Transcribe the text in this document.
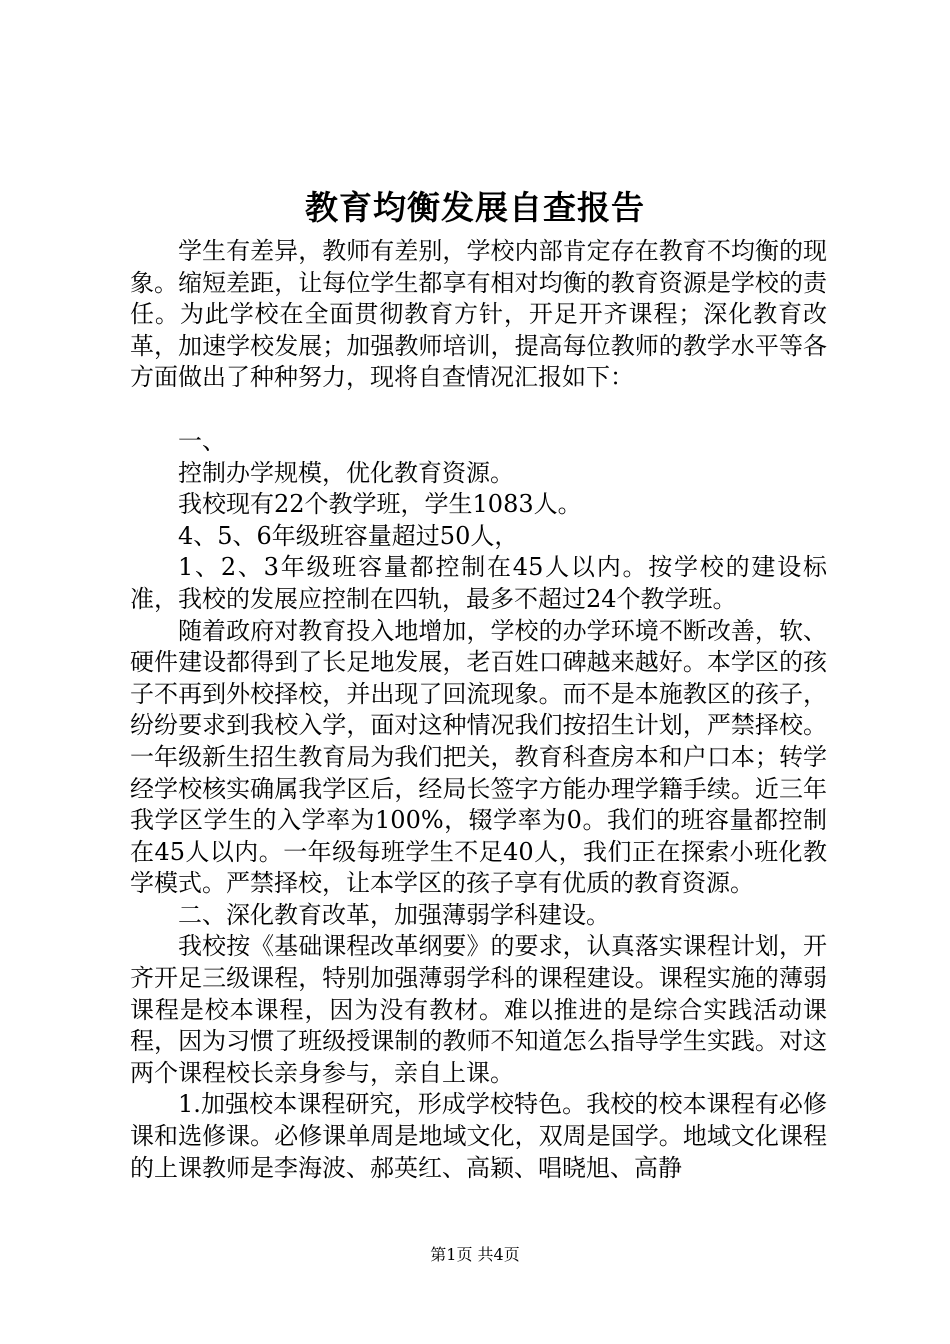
教育均衡发展自查报告

学生有差异，教师有差别，学校内部肯定存在教育不均衡的现象。缩短差距，让每位学生都享有相对均衡的教育资源是学校的责任。为此学校在全面贯彻教育方针，开足开齐课程；深化教育改革，加速学校发展；加强教师培训，提高每位教师的教学水平等各方面做出了种种努力，现将自查情况汇报如下：

一、

控制办学规模，优化教育资源。

我校现有22个教学班，学生1083人。

4、5、6年级班容量超过50人，

1、2、3年级班容量都控制在45人以内。按学校的建设标准，我校的发展应控制在四轨，最多不超过24个教学班。

随着政府对教育投入地增加，学校的办学环境不断改善，软、硬件建设都得到了长足地发展，老百姓口碑越来越好。本学区的孩子不再到外校择校，并出现了回流现象。而不是本施教区的孩子，纷纷要求到我校入学，面对这种情况我们按招生计划，严禁择校。一年级新生招生教育局为我们把关，教育科查房本和户口本；转学经学校核实确属我学区后，经局长签字方能办理学籍手续。近三年我学区学生的入学率为100%，辍学率为0。我们的班容量都控制在45人以内。一年级每班学生不足40人，我们正在探索小班化教学模式。严禁择校，让本学区的孩子享有优质的教育资源。

二、深化教育改革，加强薄弱学科建设。

我校按《基础课程改革纲要》的要求，认真落实课程计划，开齐开足三级课程，特别加强薄弱学科的课程建设。课程实施的薄弱课程是校本课程，因为没有教材。难以推进的是综合实践活动课程，因为习惯了班级授课制的教师不知道怎么指导学生实践。对这两个课程校长亲身参与，亲自上课。

1.加强校本课程研究，形成学校特色。我校的校本课程有必修课和选修课。必修课单周是地域文化，双周是国学。地域文化课程的上课教师是李海波、郝英红、高颖、唱晓旭、高静

第1页 共4页
